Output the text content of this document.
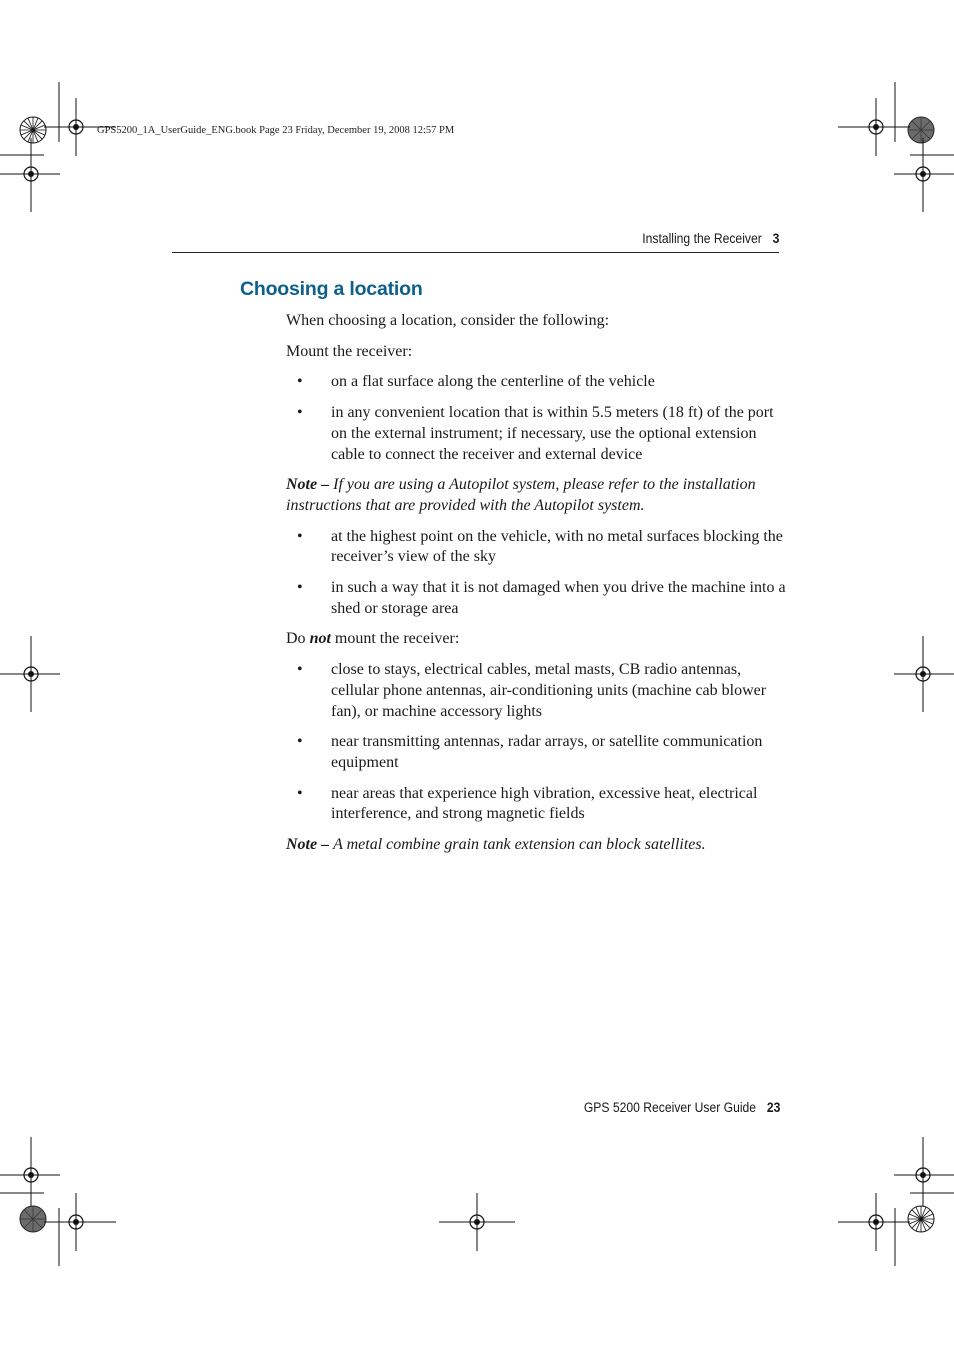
GPS5200_1A_UserGuide_ENG.book Page 23 Friday, December 19, 2008 12:57 PM
Installing the Receiver 3
Choosing a location

When choosing a location, consider the following:

Mount the receiver:

• on a flat surface along the centerline of the vehicle
• in any convenient location that is within 5.5 meters (18 ft) of the port on the external instrument; if necessary, use the optional extension cable to connect the receiver and external device

Note – If you are using a Autopilot system, please refer to the installation instructions that are provided with the Autopilot system.

• at the highest point on the vehicle, with no metal surfaces blocking the receiver’s view of the sky
• in such a way that it is not damaged when you drive the machine into a shed or storage area

Do not mount the receiver:

• close to stays, electrical cables, metal masts, CB radio antennas, cellular phone antennas, air-conditioning units (machine cab blower fan), or machine accessory lights
• near transmitting antennas, radar arrays, or satellite communication equipment
• near areas that experience high vibration, excessive heat, electrical interference, and strong magnetic fields

Note – A metal combine grain tank extension can block satellites.

GPS 5200 Receiver User Guide 23
